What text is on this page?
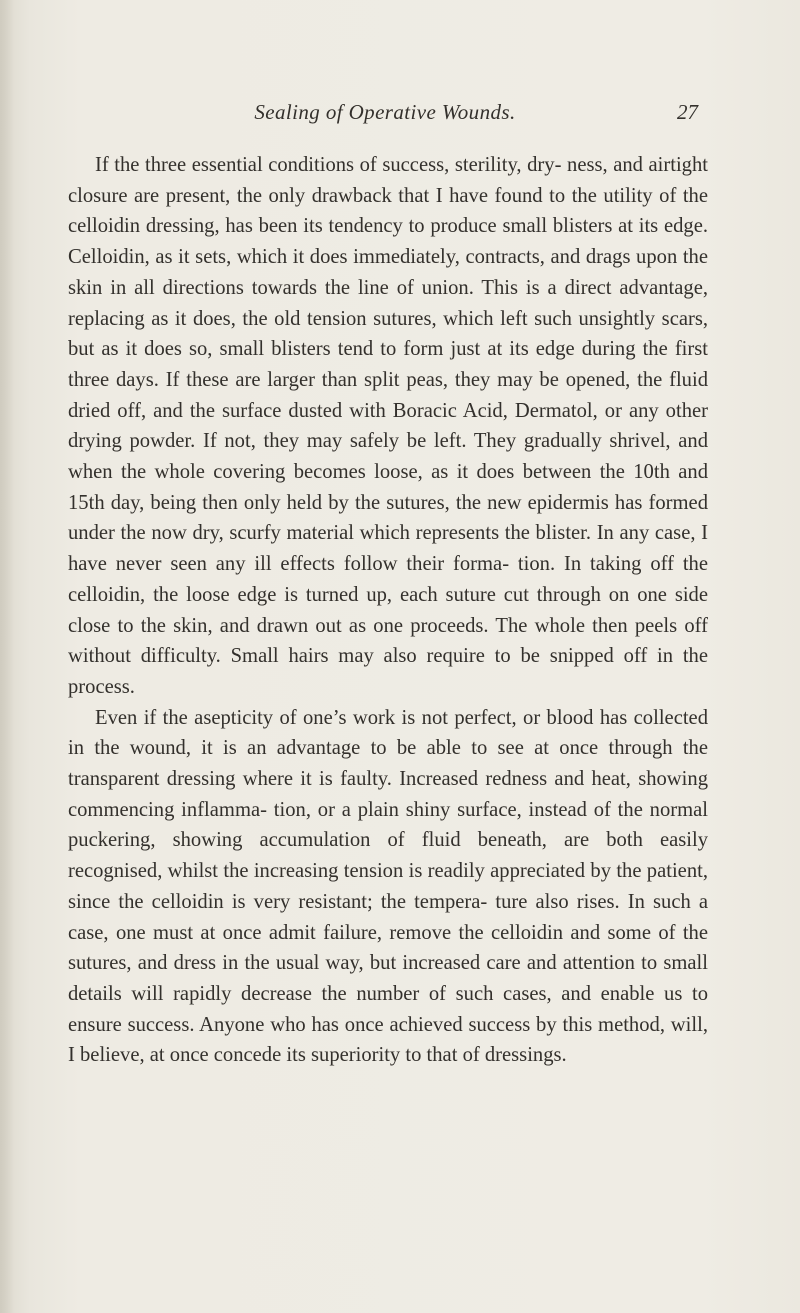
Sealing of Operative Wounds.	27

If the three essential conditions of success, sterility, dry- ness, and airtight closure are present, the only drawback that I have found to the utility of the celloidin dressing, has been its tendency to produce small blisters at its edge. Celloidin, as it sets, which it does immediately, contracts, and drags upon the skin in all directions towards the line of union. This is a direct advantage, replacing as it does, the old tension sutures, which left such unsightly scars, but as it does so, small blisters tend to form just at its edge during the first three days. If these are larger than split peas, they may be opened, the fluid dried off, and the surface dusted with Boracic Acid, Dermatol, or any other drying powder. If not, they may safely be left. They gradually shrivel, and when the whole covering becomes loose, as it does between the 10th and 15th day, being then only held by the sutures, the new epidermis has formed under the now dry, scurfy material which represents the blister. In any case, I have never seen any ill effects follow their forma- tion. In taking off the celloidin, the loose edge is turned up, each suture cut through on one side close to the skin, and drawn out as one proceeds. The whole then peels off without difficulty. Small hairs may also require to be snipped off in the process.

Even if the asepticity of one’s work is not perfect, or blood has collected in the wound, it is an advantage to be able to see at once through the transparent dressing where it is faulty. Increased redness and heat, showing commencing inflamma- tion, or a plain shiny surface, instead of the normal puckering, showing accumulation of fluid beneath, are both easily recognised, whilst the increasing tension is readily appreciated by the patient, since the celloidin is very resistant; the tempera- ture also rises. In such a case, one must at once admit failure, remove the celloidin and some of the sutures, and dress in the usual way, but increased care and attention to small details will rapidly decrease the number of such cases, and enable us to ensure success. Anyone who has once achieved success by this method, will, I believe, at once concede its superiority to that of dressings.
